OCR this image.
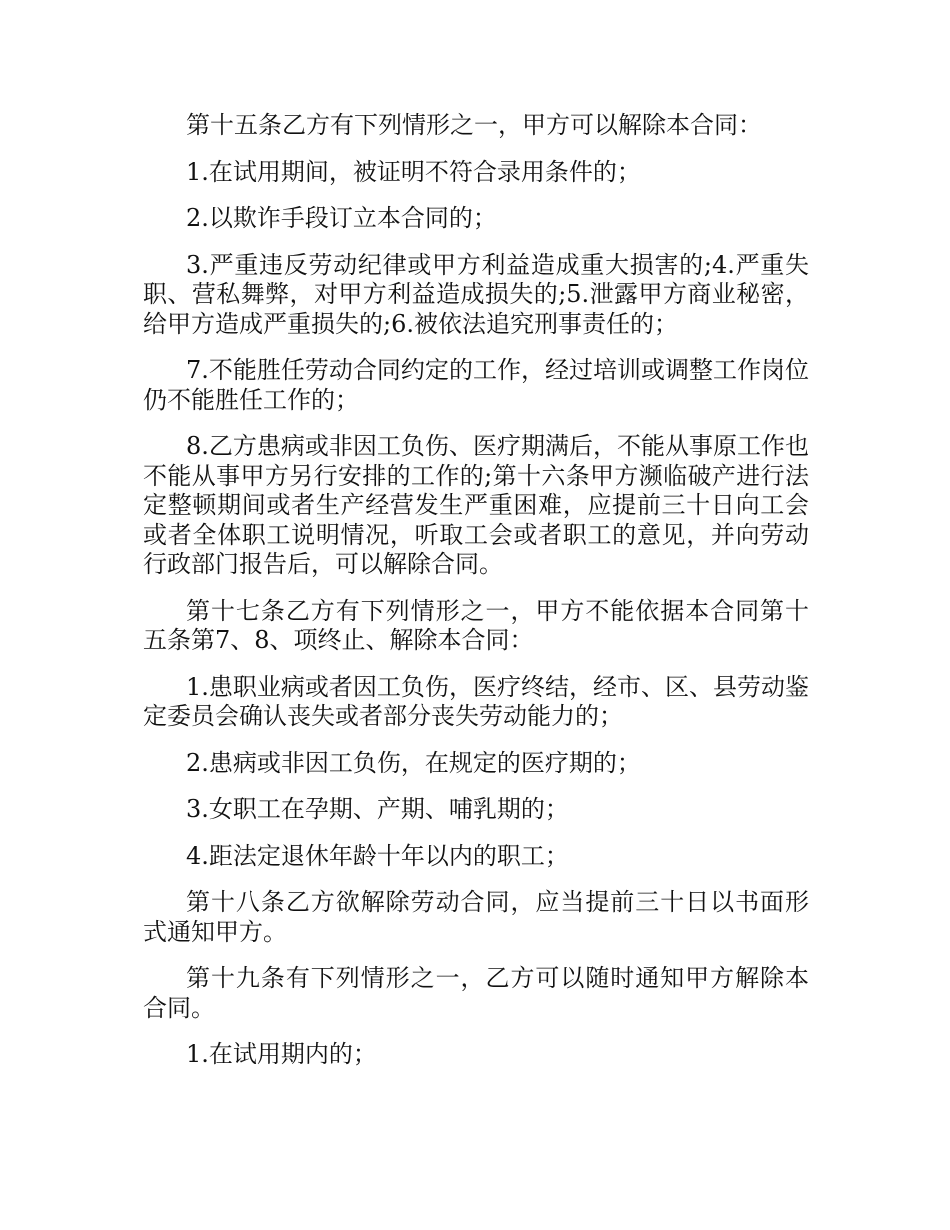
第十五条乙方有下列情形之一，甲方可以解除本合同：

1.在试用期间，被证明不符合录用条件的；

2.以欺诈手段订立本合同的；

3.严重违反劳动纪律或甲方利益造成重大损害的;4.严重失职、营私舞弊，对甲方利益造成损失的;5.泄露甲方商业秘密，给甲方造成严重损失的;6.被依法追究刑事责任的；

7.不能胜任劳动合同约定的工作，经过培训或调整工作岗位仍不能胜任工作的；

8.乙方患病或非因工负伤、医疗期满后，不能从事原工作也不能从事甲方另行安排的工作的;第十六条甲方濒临破产进行法定整顿期间或者生产经营发生严重困难，应提前三十日向工会或者全体职工说明情况，听取工会或者职工的意见，并向劳动行政部门报告后，可以解除合同。

第十七条乙方有下列情形之一，甲方不能依据本合同第十五条第7、8、项终止、解除本合同：

1.患职业病或者因工负伤，医疗终结，经市、区、县劳动鉴定委员会确认丧失或者部分丧失劳动能力的；

2.患病或非因工负伤，在规定的医疗期的；

3.女职工在孕期、产期、哺乳期的；

4.距法定退休年龄十年以内的职工；

第十八条乙方欲解除劳动合同，应当提前三十日以书面形式通知甲方。

第十九条有下列情形之一，乙方可以随时通知甲方解除本合同。

1.在试用期内的；
